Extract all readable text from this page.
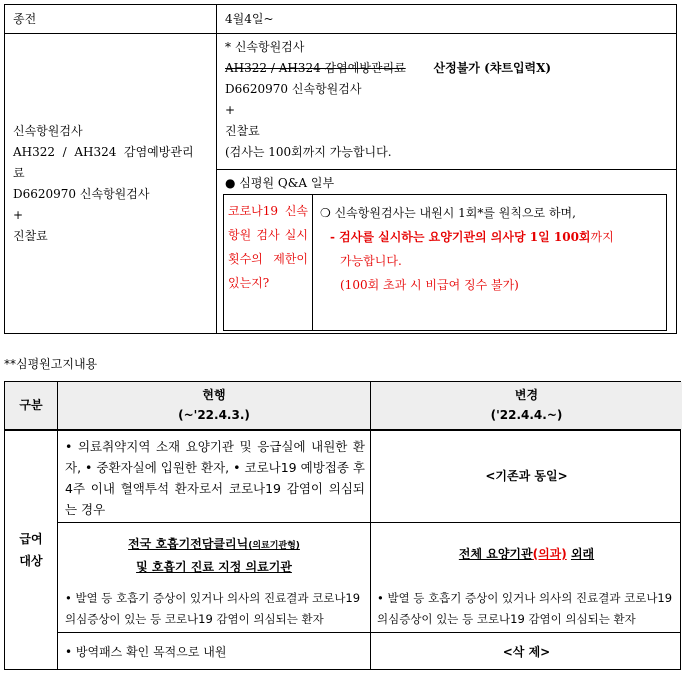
종전	4월4일~
신속항원검사
AH322  /  AH324  감염예방관리
료
D6620970 신속항원검사
+
진찰료
* 신속항원검사
AH322 / AH324 감염예방관리료 산정불가 (챠트입력X)
D6620970 신속항원검사
+
진찰료
(검사는 100회까지 가능합니다.
● 심평원 Q&A 일부
코로나19 신속항원 검사 실시 횟수의 제한이 있는지?
❍ 신속항원검사는 내원시 1회*를 원칙으로 하며,
- 검사를 실시하는 요양기관의 의사당 1일 100회까지
가능합니다.
(100회 초과 시 비급여 징수 불가)
**심평원고지내용
구분
현행
(~'22.4.3.)
변경
('22.4.4.~)
급여
대상
• 의료취약지역 소재 요양기관 및 응급실에 내원한 환자, • 중환자실에 입원한 환자, • 코로나19 예방접종 후 4주 이내 혈액투석 환자로서 코로나19 감염이 의심되는 경우
<기존과 동일>
전국 호흡기전담클리닉(의료기관형)
및 호흡기 진료 지정 의료기관
전체 요양기관(의과) 외래
• 발열 등 호흡기 증상이 있거나 의사의 진료결과 코로나19 의심증상이 있는 등 코로나19 감염이 의심되는 환자
• 발열 등 호흡기 증상이 있거나 의사의 진료결과 코로나19 의심증상이 있는 등 코로나19 감염이 의심되는 환자
• 방역패스 확인 목적으로 내원	<삭 제>
